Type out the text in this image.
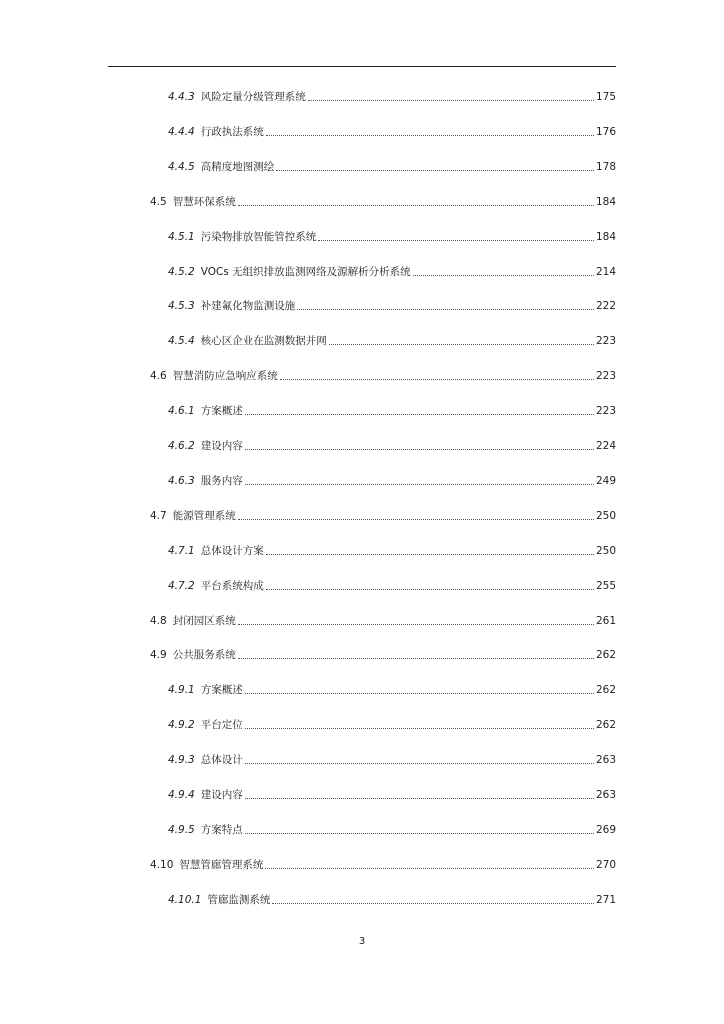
4.4.3 风险定量分级管理系统	175
4.4.4 行政执法系统	176
4.4.5 高精度地图测绘	178
4.5 智慧环保系统	184
4.5.1 污染物排放智能管控系统	184
4.5.2 VOCs 无组织排放监测网络及源解析分析系统	214
4.5.3 补建氟化物监测设施	222
4.5.4 核心区企业在监测数据并网	223
4.6 智慧消防应急响应系统	223
4.6.1 方案概述	223
4.6.2 建设内容	224
4.6.3 服务内容	249
4.7 能源管理系统	250
4.7.1 总体设计方案	250
4.7.2 平台系统构成	255
4.8 封闭园区系统	261
4.9 公共服务系统	262
4.9.1 方案概述	262
4.9.2 平台定位	262
4.9.3 总体设计	263
4.9.4 建设内容	263
4.9.5 方案特点	269
4.10 智慧管廊管理系统	270
4.10.1 管廊监测系统	271
3
